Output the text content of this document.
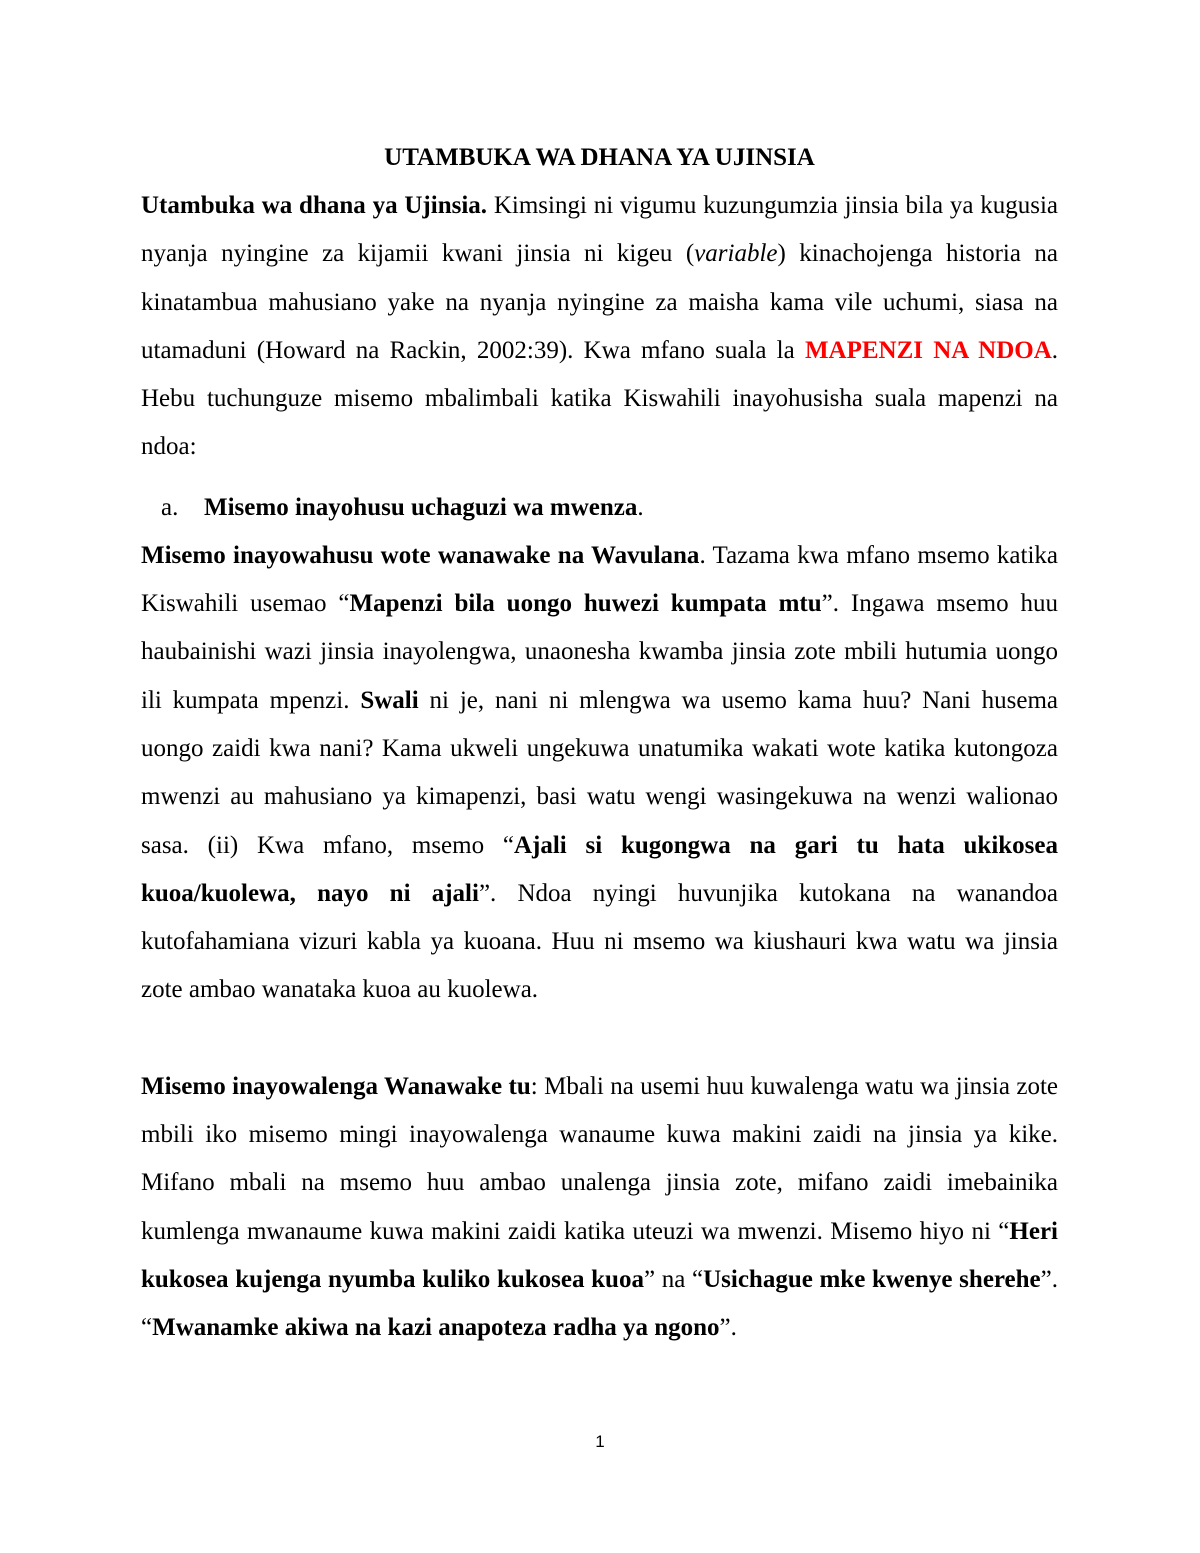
UTAMBUKA WA DHANA YA UJINSIA

Utambuka wa dhana ya Ujinsia. Kimsingi ni vigumu kuzungumzia jinsia bila ya kugusia nyanja nyingine za kijamii kwani jinsia ni kigeu (variable) kinachojenga historia na kinatambua mahusiano yake na nyanja nyingine za maisha kama vile uchumi, siasa na utamaduni (Howard na Rackin, 2002:39). Kwa mfano suala la MAPENZI NA NDOA. Hebu tuchunguze misemo mbalimbali katika Kiswahili inayohusisha suala mapenzi na ndoa:

a. Misemo inayohusu uchaguzi wa mwenza.

Misemo inayowahusu wote wanawake na Wavulana. Tazama kwa mfano msemo katika Kiswahili usemao “Mapenzi bila uongo huwezi kumpata mtu”. Ingawa msemo huu haubainishi wazi jinsia inayolengwa, unaonesha kwamba jinsia zote mbili hutumia uongo ili kumpata mpenzi. Swali ni je, nani ni mlengwa wa usemo kama huu? Nani husema uongo zaidi kwa nani? Kama ukweli ungekuwa unatumika wakati wote katika kutongoza mwenzi au mahusiano ya kimapenzi, basi watu wengi wasingekuwa na wenzi walionao sasa. (ii) Kwa mfano, msemo “Ajali si kugongwa na gari tu hata ukikosea kuoa/kuolewa, nayo ni ajali”. Ndoa nyingi huvunjika kutokana na wanandoa kutofahamiana vizuri kabla ya kuoana. Huu ni msemo wa kiushauri kwa watu wa jinsia zote ambao wanataka kuoa au kuolewa.

Misemo inayowalenga Wanawake tu: Mbali na usemi huu kuwalenga watu wa jinsia zote mbili iko misemo mingi inayowalenga wanaume kuwa makini zaidi na jinsia ya kike. Mifano mbali na msemo huu ambao unalenga jinsia zote, mifano zaidi imebainika kumlenga mwanaume kuwa makini zaidi katika uteuzi wa mwenzi. Misemo hiyo ni “Heri kukosea kujenga nyumba kuliko kukosea kuoa” na “Usichague mke kwenye sherehe”. “Mwanamke akiwa na kazi anapoteza radha ya ngono”.

1
